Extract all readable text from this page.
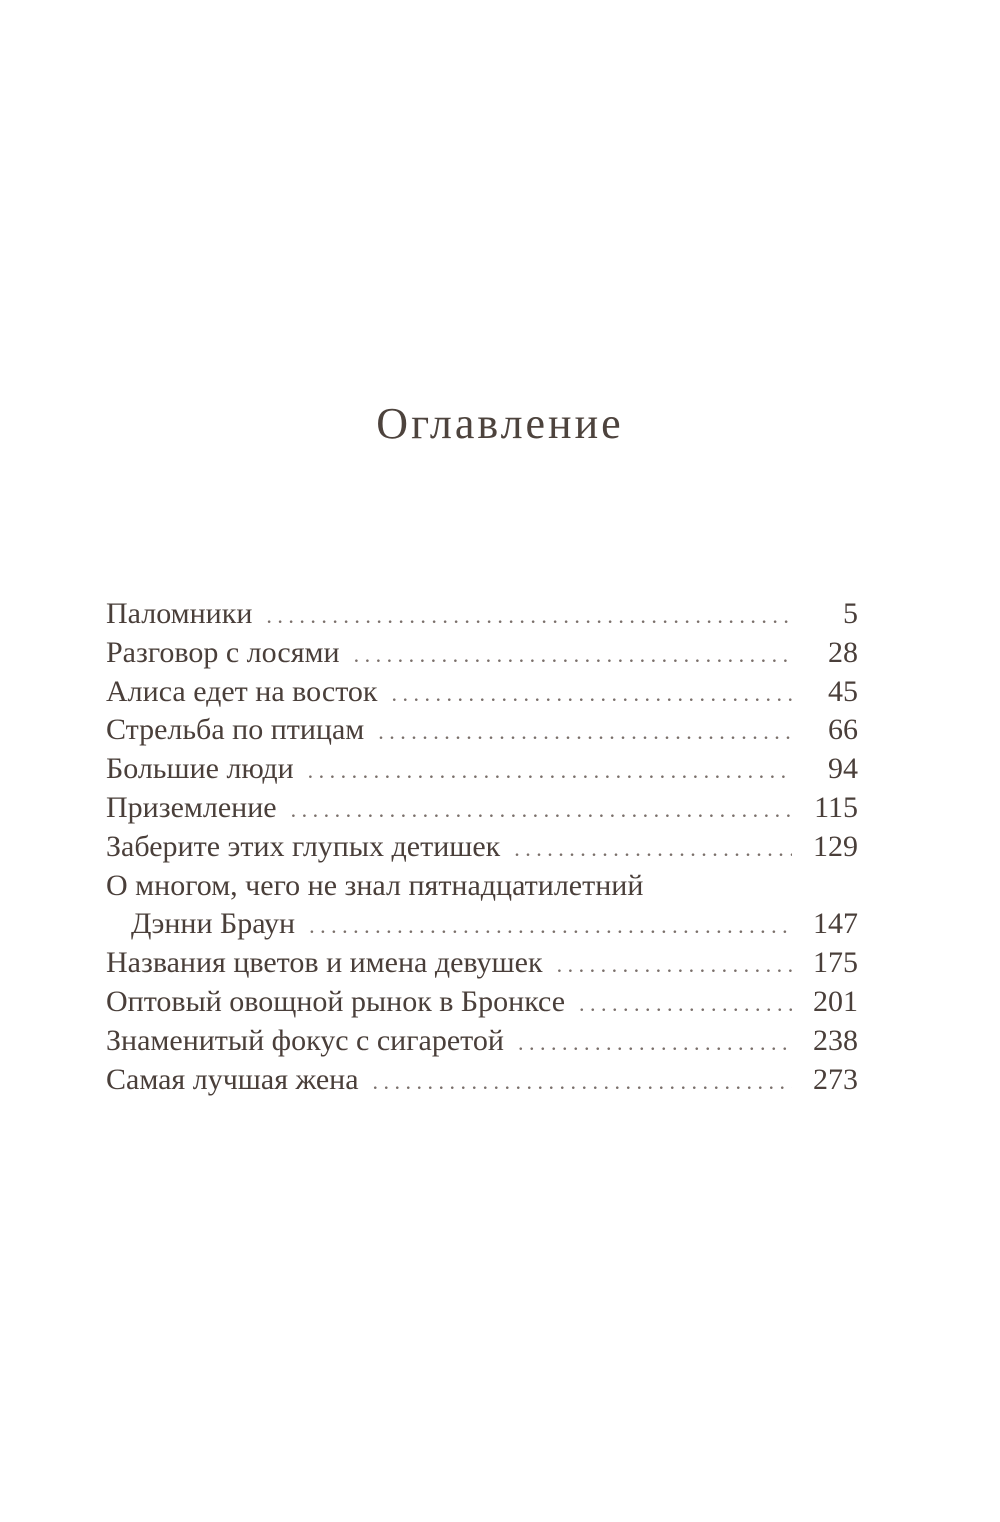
Оглавление
Паломники . . .	5
Разговор с лосями . . .	28
Алиса едет на восток . . .	45
Стрельба по птицам . . .	66
Большие люди . . .	94
Приземление . . .	115
Заберите этих глупых детишек . . .	129
О многом, чего не знал пятнадцатилетний
Дэнни Браун . . .	147
Названия цветов и имена девушек . . .	175
Оптовый овощной рынок в Бронксе . . .	201
Знаменитый фокус с сигаретой . . .	238
Самая лучшая жена . . .	273
